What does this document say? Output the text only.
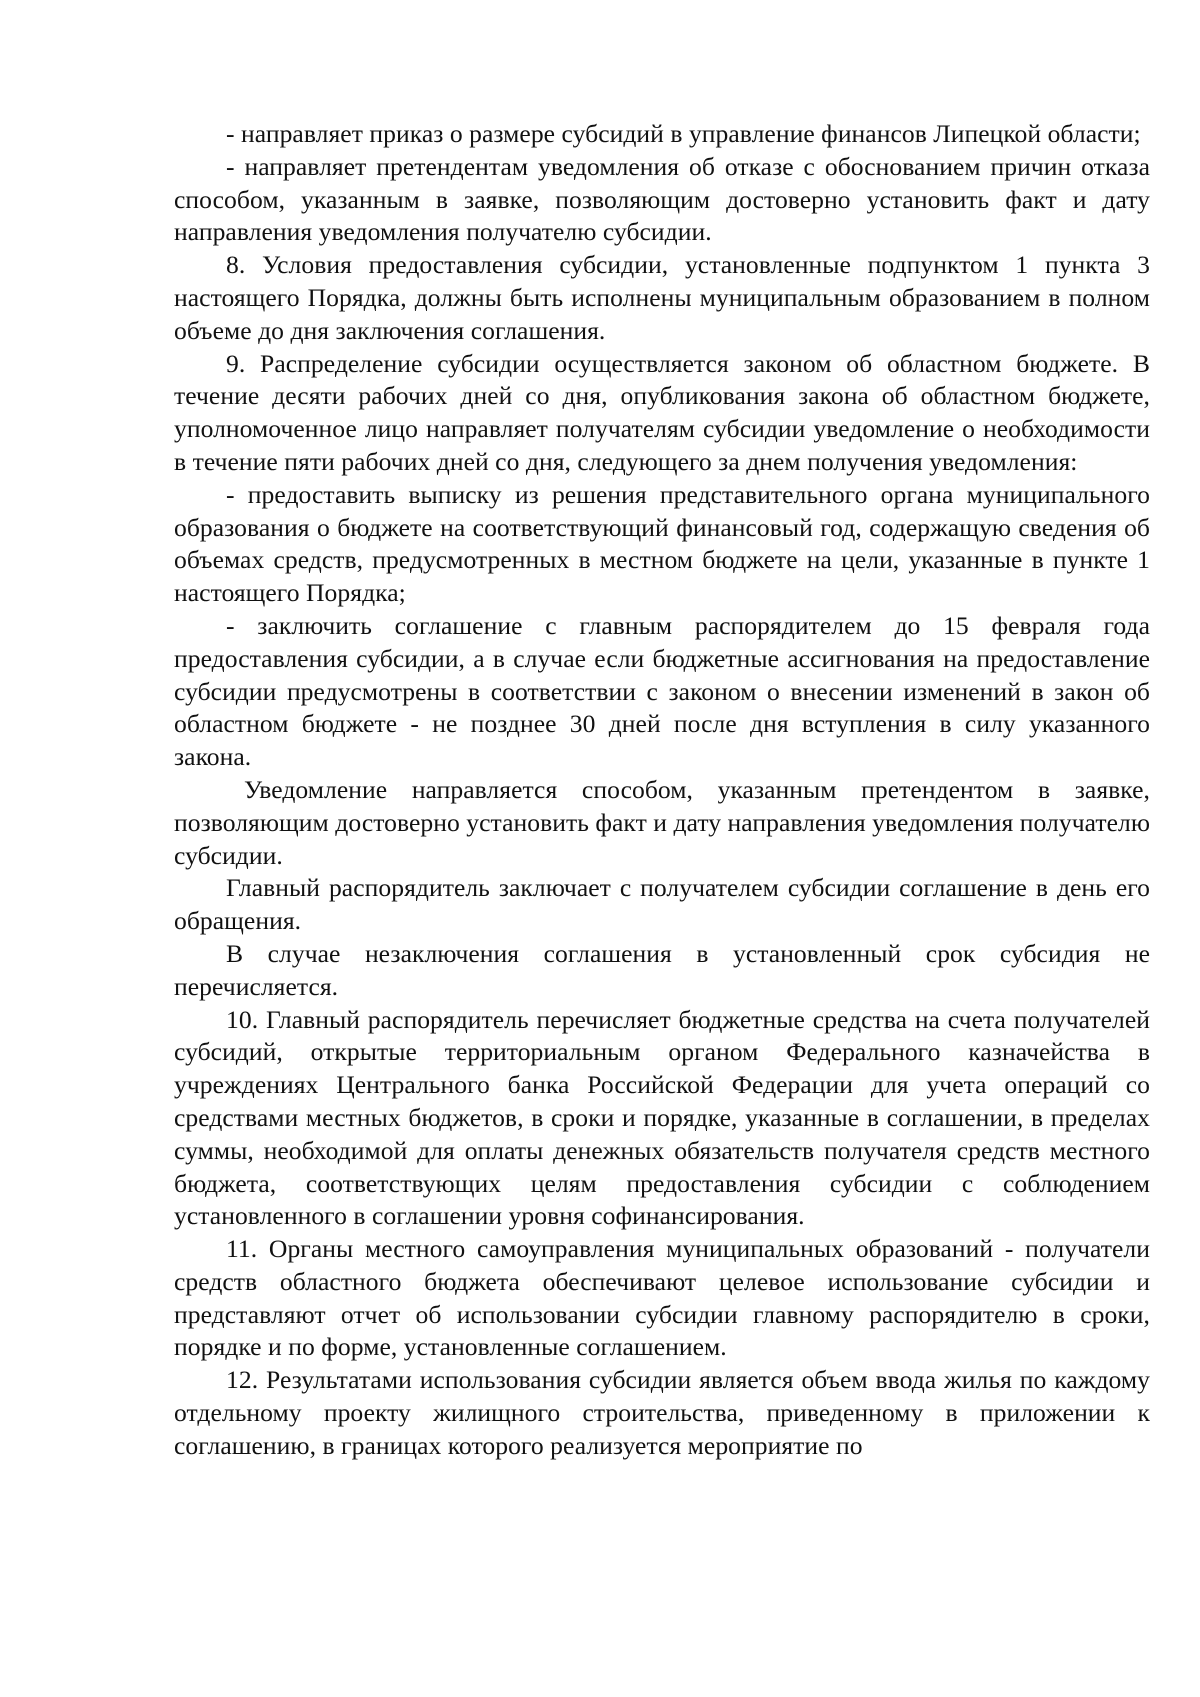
- направляет приказ о размере субсидий в управление финансов Липецкой области;

- направляет претендентам уведомления об отказе с обоснованием причин отказа способом, указанным в заявке, позволяющим достоверно установить факт и дату направления уведомления получателю субсидии.

8. Условия предоставления субсидии, установленные подпунктом 1 пункта 3 настоящего Порядка, должны быть исполнены муниципальным образованием в полном объеме до дня заключения соглашения.

9. Распределение субсидии осуществляется законом об областном бюджете. В течение десяти рабочих дней со дня, опубликования закона об областном бюджете, уполномоченное лицо направляет получателям субсидии уведомление о необходимости в течение пяти рабочих дней со дня, следующего за днем получения уведомления:

- предоставить выписку из решения представительного органа муниципального образования о бюджете на соответствующий финансовый год, содержащую сведения об объемах средств, предусмотренных в местном бюджете на цели, указанные в пункте 1 настоящего Порядка;

- заключить соглашение с главным распорядителем до 15 февраля года предоставления субсидии, а в случае если бюджетные ассигнования на предоставление субсидии предусмотрены в соответствии с законом о внесении изменений в закон об областном бюджете - не позднее 30 дней после дня вступления в силу указанного закона.

Уведомление направляется способом, указанным претендентом в заявке, позволяющим достоверно установить факт и дату направления уведомления получателю субсидии.

Главный распорядитель заключает с получателем субсидии соглашение в день его обращения.

В случае незаключения соглашения в установленный срок субсидия не перечисляется.

10. Главный распорядитель перечисляет бюджетные средства на счета получателей субсидий, открытые территориальным органом Федерального казначейства в учреждениях Центрального банка Российской Федерации для учета операций со средствами местных бюджетов, в сроки и порядке, указанные в соглашении, в пределах суммы, необходимой для оплаты денежных обязательств получателя средств местного бюджета, соответствующих целям предоставления субсидии с соблюдением установленного в соглашении уровня софинансирования.

11. Органы местного самоуправления муниципальных образований - получатели средств областного бюджета обеспечивают целевое использование субсидии и представляют отчет об использовании субсидии главному распорядителю в сроки, порядке и по форме, установленные соглашением.

12. Результатами использования субсидии является объем ввода жилья по каждому отдельному проекту жилищного строительства, приведенному в приложении к соглашению, в границах которого реализуется мероприятие по
